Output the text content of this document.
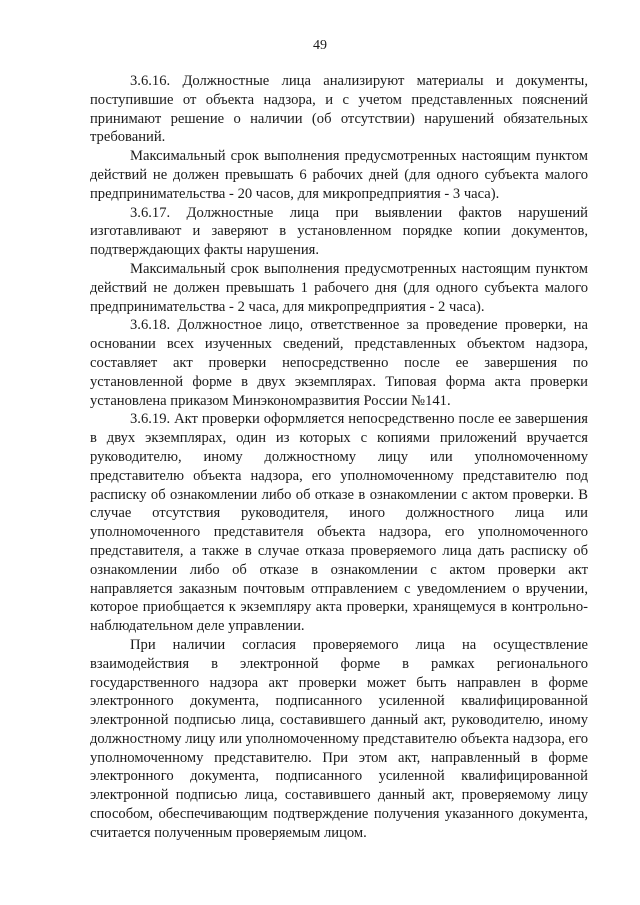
49

3.6.16. Должностные лица анализируют материалы и документы, поступившие от объекта надзора, и с учетом представленных пояснений принимают решение о наличии (об отсутствии) нарушений обязательных требований.

Максимальный срок выполнения предусмотренных настоящим пунктом действий не должен превышать 6 рабочих дней (для одного субъекта малого предпринимательства - 20 часов, для микропредприятия - 3 часа).

3.6.17. Должностные лица при выявлении фактов нарушений изготавливают и заверяют в установленном порядке копии документов, подтверждающих факты нарушения.

Максимальный срок выполнения предусмотренных настоящим пунктом действий не должен превышать 1 рабочего дня (для одного субъекта малого предпринимательства - 2 часа, для микропредприятия - 2 часа).

3.6.18. Должностное лицо, ответственное за проведение проверки, на основании всех изученных сведений, представленных объектом надзора, составляет акт проверки непосредственно после ее завершения по установленной форме в двух экземплярах. Типовая форма акта проверки установлена приказом Минэкономразвития России №141.

3.6.19. Акт проверки оформляется непосредственно после ее завершения в двух экземплярах, один из которых с копиями приложений вручается руководителю, иному должностному лицу или уполномоченному представителю объекта надзора, его уполномоченному представителю под расписку об ознакомлении либо об отказе в ознакомлении с актом проверки. В случае отсутствия руководителя, иного должностного лица или уполномоченного представителя объекта надзора, его уполномоченного представителя, а также в случае отказа проверяемого лица дать расписку об ознакомлении либо об отказе в ознакомлении с актом проверки акт направляется заказным почтовым отправлением с уведомлением о вручении, которое приобщается к экземпляру акта проверки, хранящемуся в контрольно-наблюдательном деле управлении.

При наличии согласия проверяемого лица на осуществление взаимодействия в электронной форме в рамках регионального государственного надзора акт проверки может быть направлен в форме электронного документа, подписанного усиленной квалифицированной электронной подписью лица, составившего данный акт, руководителю, иному должностному лицу или уполномоченному представителю объекта надзора, его уполномоченному представителю. При этом акт, направленный в форме электронного документа, подписанного усиленной квалифицированной электронной подписью лица, составившего данный акт, проверяемому лицу способом, обеспечивающим подтверждение получения указанного документа, считается полученным проверяемым лицом.
